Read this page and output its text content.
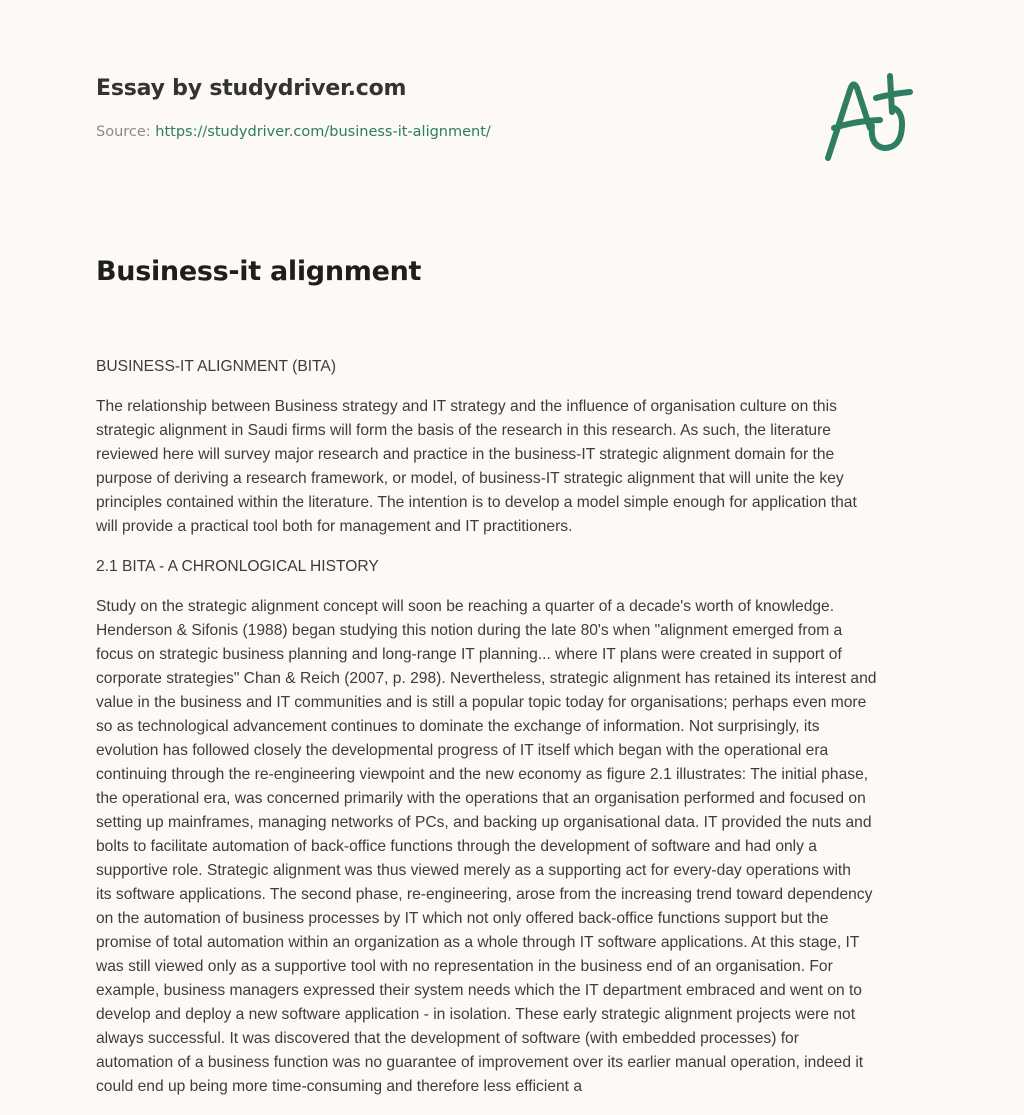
Essay by studydriver.com
Source: https://studydriver.com/business-it-alignment/
Business-it alignment

BUSINESS-IT ALIGNMENT (BITA)

The relationship between Business strategy and IT strategy and the influence of organisation culture on this
strategic alignment in Saudi firms will form the basis of the research in this research. As such, the literature
reviewed here will survey major research and practice in the business-IT strategic alignment domain for the
purpose of deriving a research framework, or model, of business-IT strategic alignment that will unite the key
principles contained within the literature. The intention is to develop a model simple enough for application that
will provide a practical tool both for management and IT practitioners.

2.1 BITA - A CHRONLOGICAL HISTORY

Study on the strategic alignment concept will soon be reaching a quarter of a decade's worth of knowledge.
Henderson & Sifonis (1988) began studying this notion during the late 80's when "alignment emerged from a
focus on strategic business planning and long-range IT planning... where IT plans were created in support of
corporate strategies" Chan & Reich (2007, p. 298). Nevertheless, strategic alignment has retained its interest and
value in the business and IT communities and is still a popular topic today for organisations; perhaps even more
so as technological advancement continues to dominate the exchange of information. Not surprisingly, its
evolution has followed closely the developmental progress of IT itself which began with the operational era
continuing through the re-engineering viewpoint and the new economy as figure 2.1 illustrates: The initial phase,
the operational era, was concerned primarily with the operations that an organisation performed and focused on
setting up mainframes, managing networks of PCs, and backing up organisational data. IT provided the nuts and
bolts to facilitate automation of back-office functions through the development of software and had only a
supportive role. Strategic alignment was thus viewed merely as a supporting act for every-day operations with
its software applications. The second phase, re-engineering, arose from the increasing trend toward dependency
on the automation of business processes by IT which not only offered back-office functions support but the
promise of total automation within an organization as a whole through IT software applications. At this stage, IT
was still viewed only as a supportive tool with no representation in the business end of an organisation. For
example, business managers expressed their system needs which the IT department embraced and went on to
develop and deploy a new software application - in isolation. These early strategic alignment projects were not
always successful. It was discovered that the development of software (with embedded processes) for
automation of a business function was no guarantee of improvement over its earlier manual operation, indeed it
could end up being more time-consuming and therefore less efficient a
